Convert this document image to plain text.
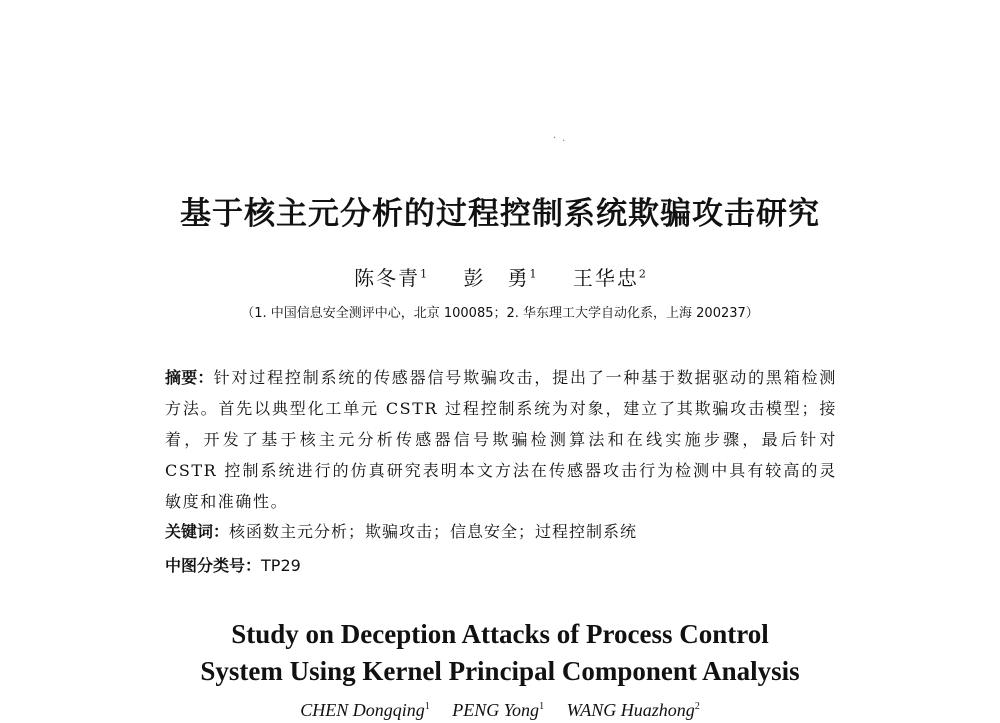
·.
基于核主元分析的过程控制系统欺骗攻击研究
陈冬青$^1$ 彭　勇$^1$ 王华忠$^2$
（1. 中国信息安全测评中心，北京 100085；2. 华东理工大学自动化系，上海 200237）
摘要：针对过程控制系统的传感器信号欺骗攻击，提出了一种基于数据驱动的黑箱检测方法。首先以典型化工单元 CSTR 过程控制系统为对象，建立了其欺骗攻击模型；接着，开发了基于核主元分析传感器信号欺骗检测算法和在线实施步骤，最后针对 CSTR 控制系统进行的仿真研究表明本文方法在传感器攻击行为检测中具有较高的灵敏度和准确性。
关键词：核函数主元分析；欺骗攻击；信息安全；过程控制系统
中图分类号：TP29
Study on Deception Attacks of Process Control
System Using Kernel Principal Component Analysis
CHEN Dongqing$^1$ PENG Yong$^1$ WANG Huazhong$^2$
